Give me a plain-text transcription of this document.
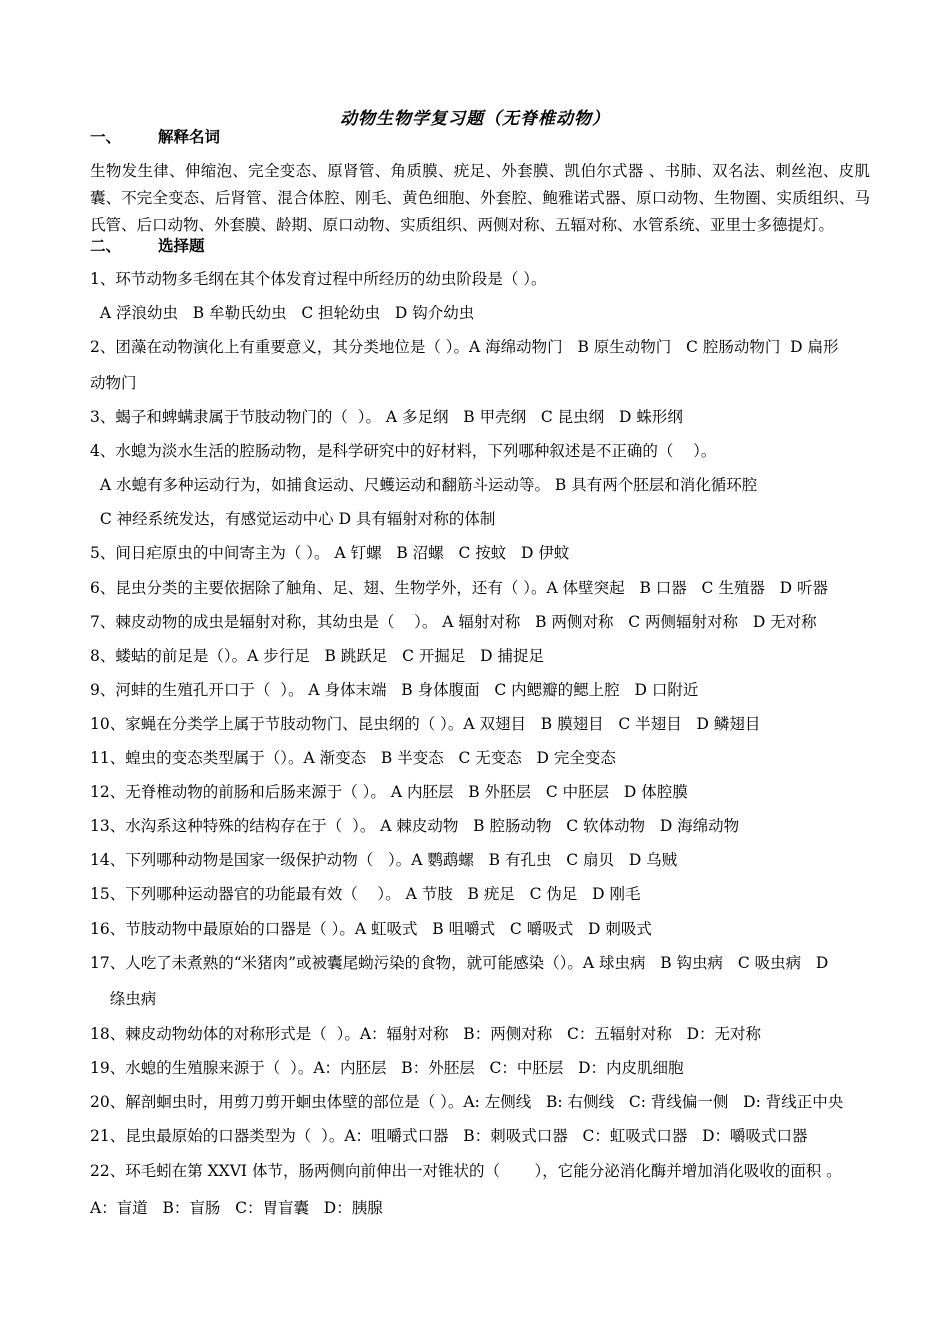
动物生物学复习题（无脊椎动物）
一、 解释名词
生物发生律、伸缩泡、完全变态、原肾管、角质膜、疣足、外套膜、凯伯尔式器 、书肺、双名法、刺丝泡、皮肌囊、不完全变态、后肾管、混合体腔、刚毛、黄色细胞、外套腔、鲍雅诺式器、原口动物、生物圈、实质组织、马氏管、后口动物、外套膜、龄期、原口动物、实质组织、两侧对称、五辐对称、水管系统、亚里士多德提灯。
二、 选择题
1、环节动物多毛纲在其个体发育过程中所经历的幼虫阶段是（ ）。
A 浮浪幼虫   B 牟勒氏幼虫   C 担轮幼虫   D 钩介幼虫
2、团藻在动物演化上有重要意义，其分类地位是（ ）。A 海绵动物门   B 原生动物门   C 腔肠动物门  D 扁形
动物门
3、蝎子和蜱螨隶属于节肢动物门的（  ）。 A 多足纲   B 甲壳纲   C 昆虫纲   D 蛛形纲
4、水螅为淡水生活的腔肠动物，是科学研究中的好材料，下列哪种叙述是不正确的（    ）。
A 水螅有多种运动行为，如捕食运动、尺蠖运动和翻筋斗运动等。 B 具有两个胚层和消化循环腔
C 神经系统发达，有感觉运动中心 D 具有辐射对称的体制
5、间日疟原虫的中间寄主为（ ）。 A 钉螺   B 沼螺   C 按蚊   D 伊蚊
6、昆虫分类的主要依据除了触角、足、翅、生物学外，还有（ ）。A 体壁突起   B 口器   C 生殖器   D 听器
7、棘皮动物的成虫是辐射对称，其幼虫是（    ）。 A 辐射对称   B 两侧对称   C 两侧辐射对称   D 无对称
8、蝼蛄的前足是（）。A 步行足   B 跳跃足   C 开掘足   D 捕捉足
9、河蚌的生殖孔开口于（  ）。 A 身体末端   B 身体腹面   C 内鳃瓣的鳃上腔   D 口附近
10、家蝇在分类学上属于节肢动物门、昆虫纲的（ ）。A 双翅目   B 膜翅目   C 半翅目   D 鳞翅目
11、蝗虫的变态类型属于（）。A 渐变态   B 半变态   C 无变态   D 完全变态
12、无脊椎动物的前肠和后肠来源于（ ）。 A 内胚层   B 外胚层   C 中胚层   D 体腔膜
13、水沟系这种特殊的结构存在于（  ）。 A 棘皮动物   B 腔肠动物   C 软体动物   D 海绵动物
14、下列哪种动物是国家一级保护动物（   ）。A 鹦鹉螺   B 有孔虫   C 扇贝   D 乌贼
15、下列哪种运动器官的功能最有效（    ）。 A 节肢   B 疣足   C 伪足   D 刚毛
16、节肢动物中最原始的口器是（ ）。A 虹吸式   B 咀嚼式   C 嚼吸式   D 刺吸式
17、人吃了未煮熟的“米猪肉”或被囊尾蚴污染的食物，就可能感染（）。A 球虫病   B 钩虫病   C 吸虫病   D
绦虫病
18、棘皮动物幼体的对称形式是（  ）。A：辐射对称   B：两侧对称   C：五辐射对称   D：无对称
19、水螅的生殖腺来源于（  ）。A：内胚层   B：外胚层   C：中胚层   D：内皮肌细胞
20、解剖蛔虫时，用剪刀剪开蛔虫体壁的部位是（ ）。A: 左侧线   B: 右侧线   C: 背线偏一侧   D: 背线正中央
21、昆虫最原始的口器类型为（  ）。A：咀嚼式口器   B：刺吸式口器   C：虹吸式口器   D：嚼吸式口器
22、环毛蚓在第 XXVI 体节，肠两侧向前伸出一对锥状的（       ），它能分泌消化酶并增加消化吸收的面积 。
A：盲道   B：盲肠   C：胃盲囊   D：胰腺
